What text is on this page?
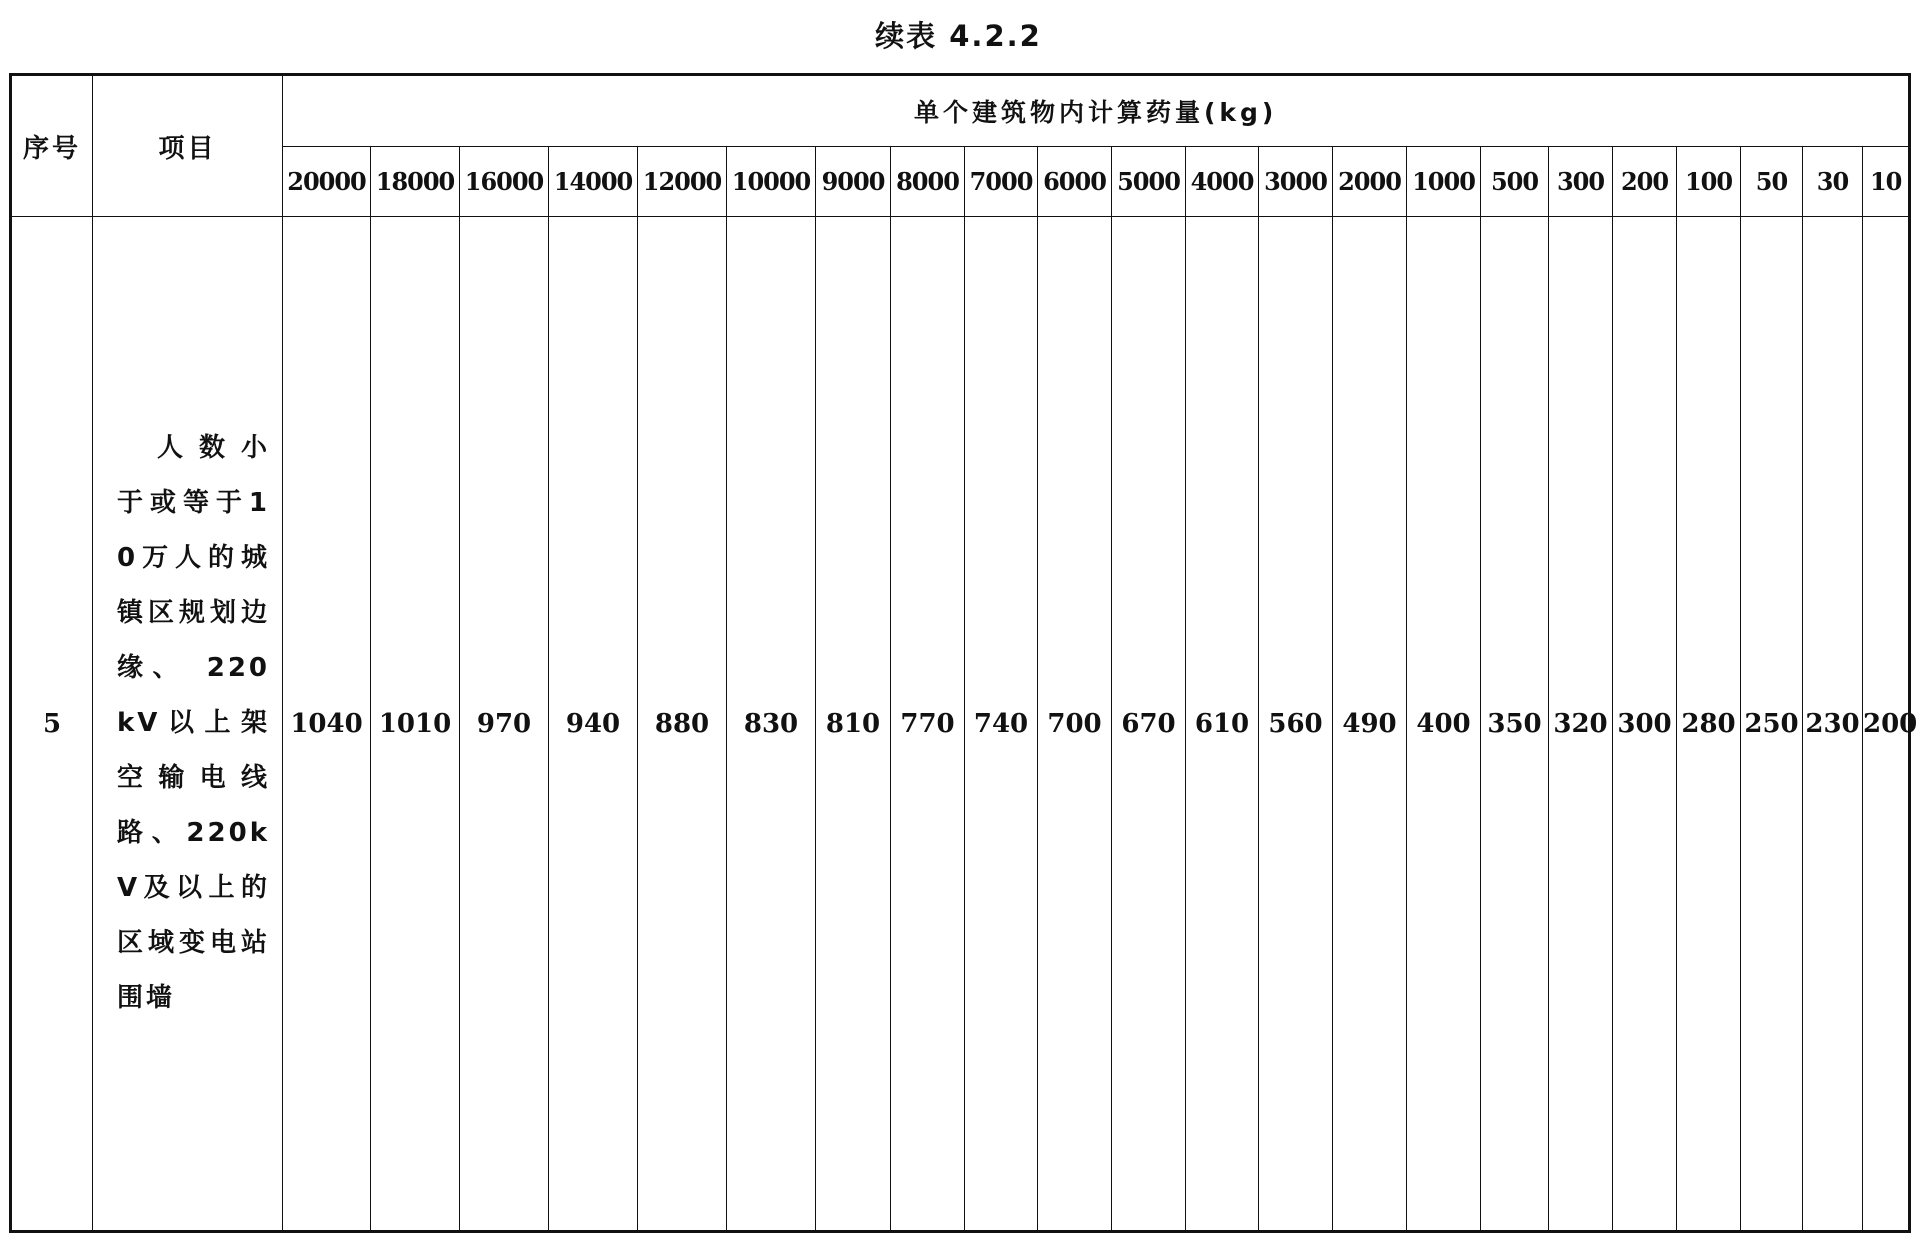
续表 4.2.2
序号	项目	单个建筑物内计算药量(kg)																					
		20000	18000	16000	14000	12000	10000	9000	8000	7000	6000	5000	4000	3000	2000	1000	500	300	200	100	50	30	10
5	人数小于或等于10万人的城镇区规划边缘、 220kV以上架空输电线路、220kV及以上的区域变电站围墙	1040	1010	970	940	880	830	810	770	740	700	670	610	560	490	400	350	320	300	280	250	230	200
